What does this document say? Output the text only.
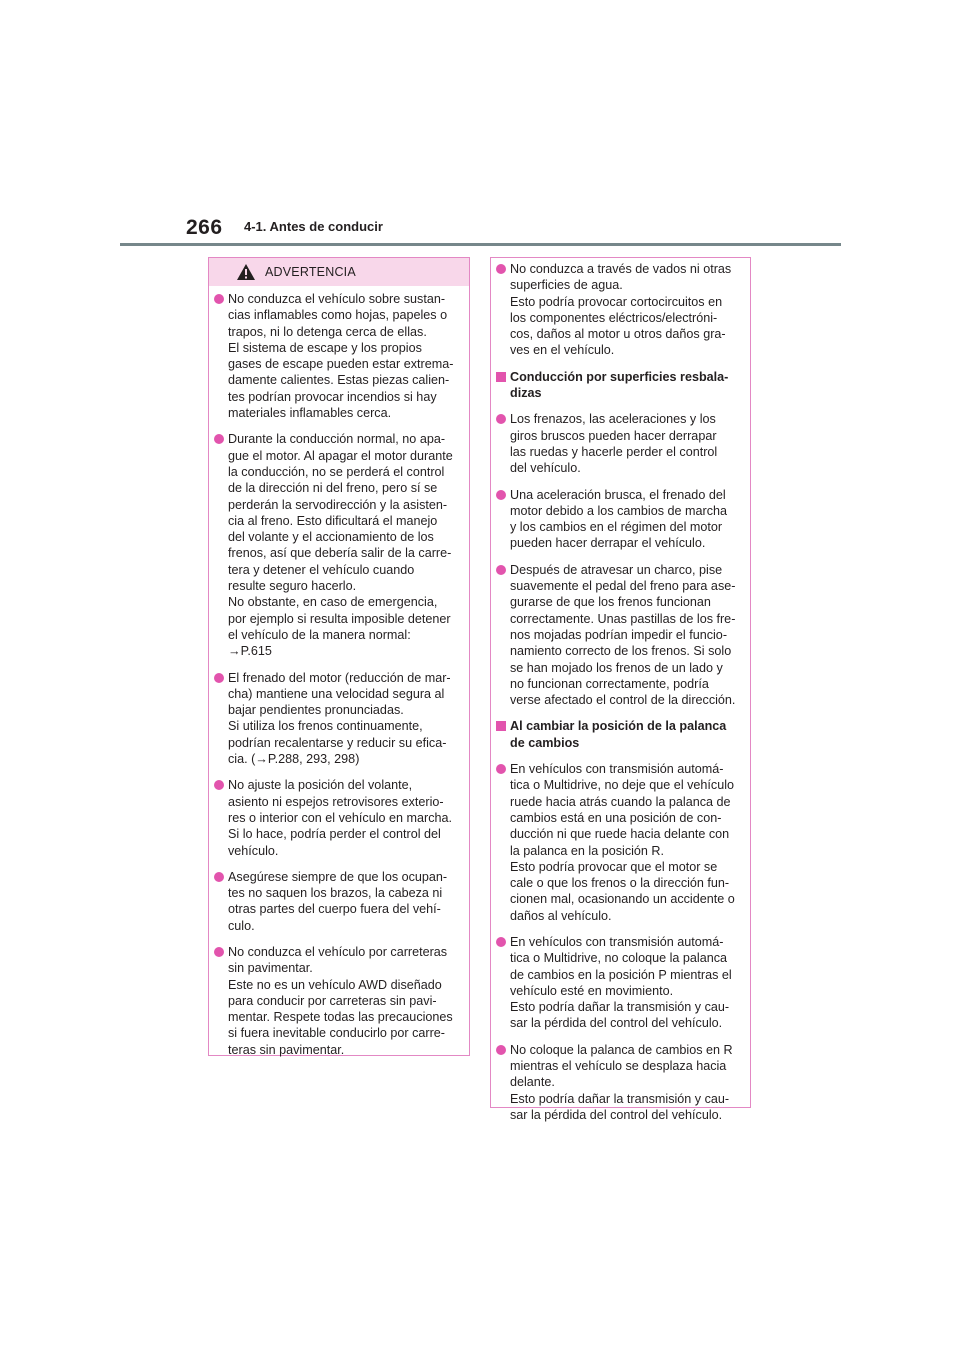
266 4-1. Antes de conducir
ADVERTENCIA
No conduzca el vehículo sobre sustan-
cias inflamables como hojas, papeles o
trapos, ni lo detenga cerca de ellas.
El sistema de escape y los propios
gases de escape pueden estar extrema-
damente calientes. Estas piezas calien-
tes podrían provocar incendios si hay
materiales inflamables cerca.
Durante la conducción normal, no apa-
gue el motor. Al apagar el motor durante
la conducción, no se perderá el control
de la dirección ni del freno, pero sí se
perderán la servodirección y la asisten-
cia al freno. Esto dificultará el manejo
del volante y el accionamiento de los
frenos, así que debería salir de la carre-
tera y detener el vehículo cuando
resulte seguro hacerlo.
No obstante, en caso de emergencia,
por ejemplo si resulta imposible detener
el vehículo de la manera normal:
→P.615
El frenado del motor (reducción de mar-
cha) mantiene una velocidad segura al
bajar pendientes pronunciadas.
Si utiliza los frenos continuamente,
podrían recalentarse y reducir su efica-
cia. (→P.288, 293, 298)
No ajuste la posición del volante,
asiento ni espejos retrovisores exterio-
res o interior con el vehículo en marcha.
Si lo hace, podría perder el control del
vehículo.
Asegúrese siempre de que los ocupan-
tes no saquen los brazos, la cabeza ni
otras partes del cuerpo fuera del vehí-
culo.
No conduzca el vehículo por carreteras
sin pavimentar.
Este no es un vehículo AWD diseñado
para conducir por carreteras sin pavi-
mentar. Respete todas las precauciones
si fuera inevitable conducirlo por carre-
teras sin pavimentar.
No conduzca a través de vados ni otras
superficies de agua.
Esto podría provocar cortocircuitos en
los componentes eléctricos/electróni-
cos, daños al motor u otros daños gra-
ves en el vehículo.
Conducción por superficies resbala-
dizas
Los frenazos, las aceleraciones y los
giros bruscos pueden hacer derrapar
las ruedas y hacerle perder el control
del vehículo.
Una aceleración brusca, el frenado del
motor debido a los cambios de marcha
y los cambios en el régimen del motor
pueden hacer derrapar el vehículo.
Después de atravesar un charco, pise
suavemente el pedal del freno para ase-
gurarse de que los frenos funcionan
correctamente. Unas pastillas de los fre-
nos mojadas podrían impedir el funcio-
namiento correcto de los frenos. Si solo
se han mojado los frenos de un lado y
no funcionan correctamente, podría
verse afectado el control de la dirección.
Al cambiar la posición de la palanca
de cambios
En vehículos con transmisión automá-
tica o Multidrive, no deje que el vehículo
ruede hacia atrás cuando la palanca de
cambios está en una posición de con-
ducción ni que ruede hacia delante con
la palanca en la posición R.
Esto podría provocar que el motor se
cale o que los frenos o la dirección fun-
cionen mal, ocasionando un accidente o
daños al vehículo.
En vehículos con transmisión automá-
tica o Multidrive, no coloque la palanca
de cambios en la posición P mientras el
vehículo esté en movimiento.
Esto podría dañar la transmisión y cau-
sar la pérdida del control del vehículo.
No coloque la palanca de cambios en R
mientras el vehículo se desplaza hacia
delante.
Esto podría dañar la transmisión y cau-
sar la pérdida del control del vehículo.
